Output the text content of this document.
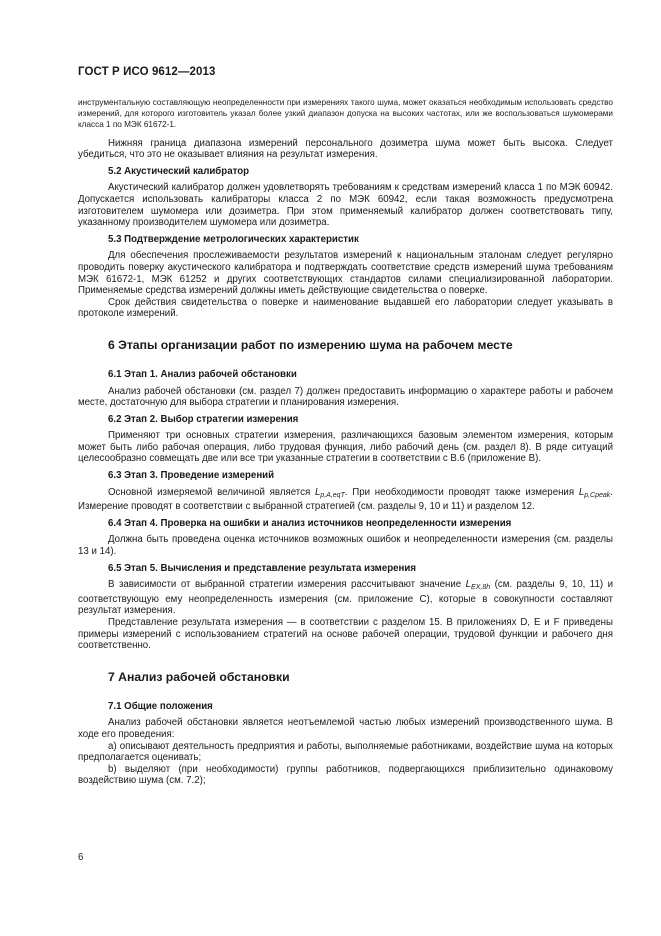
ГОСТ Р ИСО 9612—2013

инструментальную составляющую неопределенности при измерениях такого шума, может оказаться необходимым использовать средство измерений, для которого изготовитель указал более узкий диапазон допуска на высоких частотах, или же воспользоваться шумомерами класса 1 по МЭК 61672-1.

Нижняя граница диапазона измерений персонального дозиметра шума может быть высока. Следует убедиться, что это не оказывает влияния на результат измерения.

5.2 Акустический калибратор

Акустический калибратор должен удовлетворять требованиям к средствам измерений класса 1 по МЭК 60942. Допускается использовать калибраторы класса 2 по МЭК 60942, если такая возможность предусмотрена изготовителем шумомера или дозиметра. При этом применяемый калибратор должен соответствовать типу, указанному производителем шумомера или дозиметра.

5.3 Подтверждение метрологических характеристик

Для обеспечения прослеживаемости результатов измерений к национальным эталонам следует регулярно проводить поверку акустического калибратора и подтверждать соответствие средств измерений шума требованиям МЭК 61672-1, МЭК 61252 и других соответствующих стандартов силами специализированной лаборатории. Применяемые средства измерений должны иметь действующие свидетельства о поверке.

Срок действия свидетельства о поверке и наименование выдавшей его лаборатории следует указывать в протоколе измерений.

6 Этапы организации работ по измерению шума на рабочем месте

6.1 Этап 1. Анализ рабочей обстановки

Анализ рабочей обстановки (см. раздел 7) должен предоставить информацию о характере работы и рабочем месте, достаточную для выбора стратегии и планирования измерения.

6.2 Этап 2. Выбор стратегии измерения

Применяют три основных стратегии измерения, различающихся базовым элементом измерения, которым может быть либо рабочая операция, либо трудовая функция, либо рабочий день (см. раздел 8). В ряде ситуаций целесообразно совмещать две или все три указанные стратегии в соответствии с В.6 (приложение В).

6.3 Этап 3. Проведение измерений

Основной измеряемой величиной является $L_{p,A,eqT}$. При необходимости проводят также измерения $L_{p,Cpeak}$. Измерение проводят в соответствии с выбранной стратегией (см. разделы 9, 10 и 11) и разделом 12.

6.4 Этап 4. Проверка на ошибки и анализ источников неопределенности измерения

Должна быть проведена оценка источников возможных ошибок и неопределенности измерения (см. разделы 13 и 14).

6.5 Этап 5. Вычисления и представление результата измерения

В зависимости от выбранной стратегии измерения рассчитывают значение $L_{EX,8h}$ (см. разделы 9, 10, 11) и соответствующую ему неопределенность измерения (см. приложение С), которые в совокупности составляют результат измерения.

Представление результата измерения — в соответствии с разделом 15. В приложениях D, E и F приведены примеры измерений с использованием стратегий на основе рабочей операции, трудовой функции и рабочего дня соответственно.

7 Анализ рабочей обстановки

7.1 Общие положения

Анализ рабочей обстановки является неотъемлемой частью любых измерений производственного шума. В ходе его проведения:

а) описывают деятельность предприятия и работы, выполняемые работниками, воздействие шума на которых предполагается оценивать;

b) выделяют (при необходимости) группы работников, подвергающихся приблизительно одинаковому воздействию шума (см. 7.2);

6
